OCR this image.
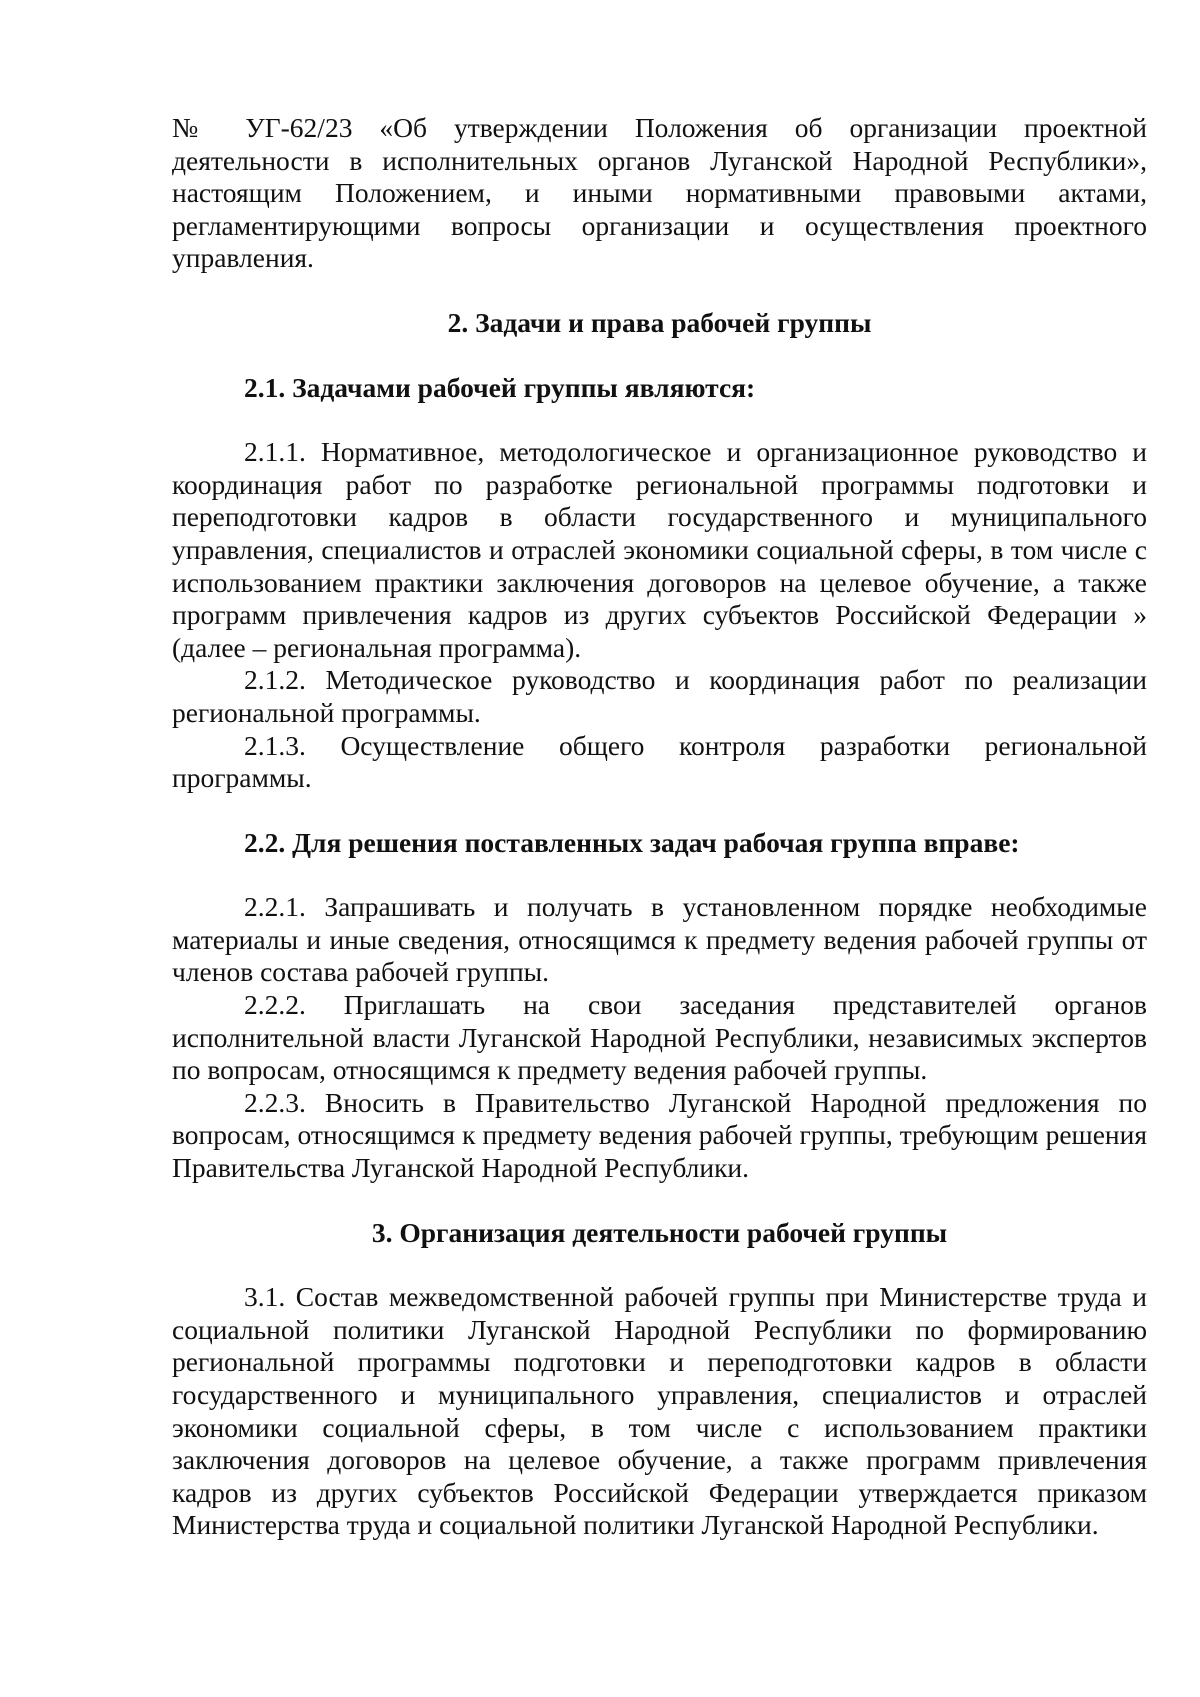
№ УГ-62/23 «Об утверждении Положения об организации проектной деятельности в исполнительных органов Луганской Народной Республики», настоящим Положением, и иными нормативными правовыми актами, регламентирующими вопросы организации и осуществления проектного управления.

2. Задачи и права рабочей группы
2.1. Задачами рабочей группы являются:

2.1.1. Нормативное, методологическое и организационное руководство и координация работ по разработке региональной программы подготовки и переподготовки кадров в области государственного и муниципального управления, специалистов и отраслей экономики социальной сферы, в том числе с использованием практики заключения договоров на целевое обучение, а также программ привлечения кадров из других субъектов Российской Федерации » (далее – региональная программа).

2.1.2. Методическое руководство и координация работ по реализации региональной программы.

2.1.3. Осуществление общего контроля разработки региональной программы.

2.2. Для решения поставленных задач рабочая группа вправе:

2.2.1. Запрашивать и получать в установленном порядке необходимые материалы и иные сведения, относящимся к предмету ведения рабочей группы от членов состава рабочей группы.

2.2.2. Приглашать на свои заседания представителей органов исполнительной власти Луганской Народной Республики, независимых экспертов по вопросам, относящимся к предмету ведения рабочей группы.

2.2.3. Вносить в Правительство Луганской Народной предложения по вопросам, относящимся к предмету ведения рабочей группы, требующим решения Правительства Луганской Народной Республики.

3. Организация деятельности рабочей группы

3.1. Состав межведомственной рабочей группы при Министерстве труда и социальной политики Луганской Народной Республики по формированию региональной программы подготовки и переподготовки кадров в области государственного и муниципального управления, специалистов и отраслей экономики социальной сферы, в том числе с использованием практики заключения договоров на целевое обучение, а также программ привлечения кадров из других субъектов Российской Федерации утверждается приказом Министерства труда и социальной политики Луганской Народной Республики.
